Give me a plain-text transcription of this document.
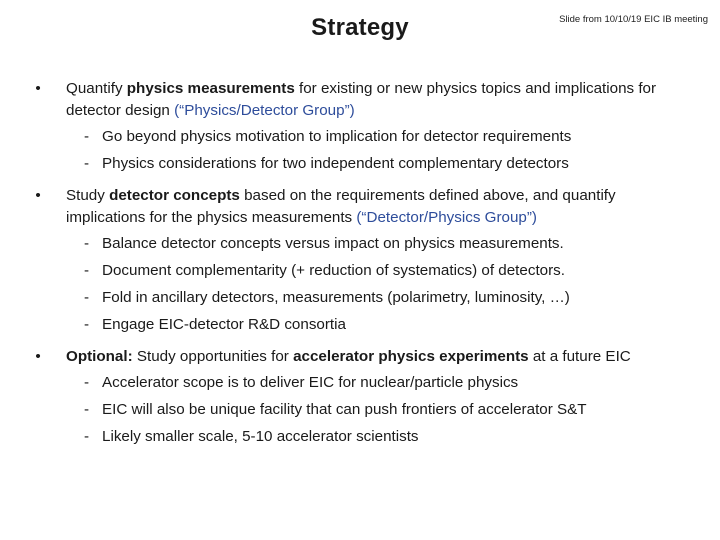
Strategy	Slide from 10/10/19 EIC IB meeting
•	Quantify physics measurements for existing or new physics topics and implications for detector design (“Physics/Detector Group”)
- Go beyond physics motivation to implication for detector requirements
- Physics considerations for two independent complementary detectors
•	Study detector concepts based on the requirements defined above, and quantify implications for the physics measurements (“Detector/Physics Group”)
- Balance detector concepts versus impact on physics measurements.
- Document complementarity (+ reduction of systematics) of detectors.
- Fold in ancillary detectors, measurements (polarimetry, luminosity, …)
- Engage EIC-detector R&D consortia
•	Optional: Study opportunities for accelerator physics experiments at a future EIC
- Accelerator scope is to deliver EIC for nuclear/particle physics
- EIC will also be unique facility that can push frontiers of accelerator S&T
- Likely smaller scale, 5-10 accelerator scientists
